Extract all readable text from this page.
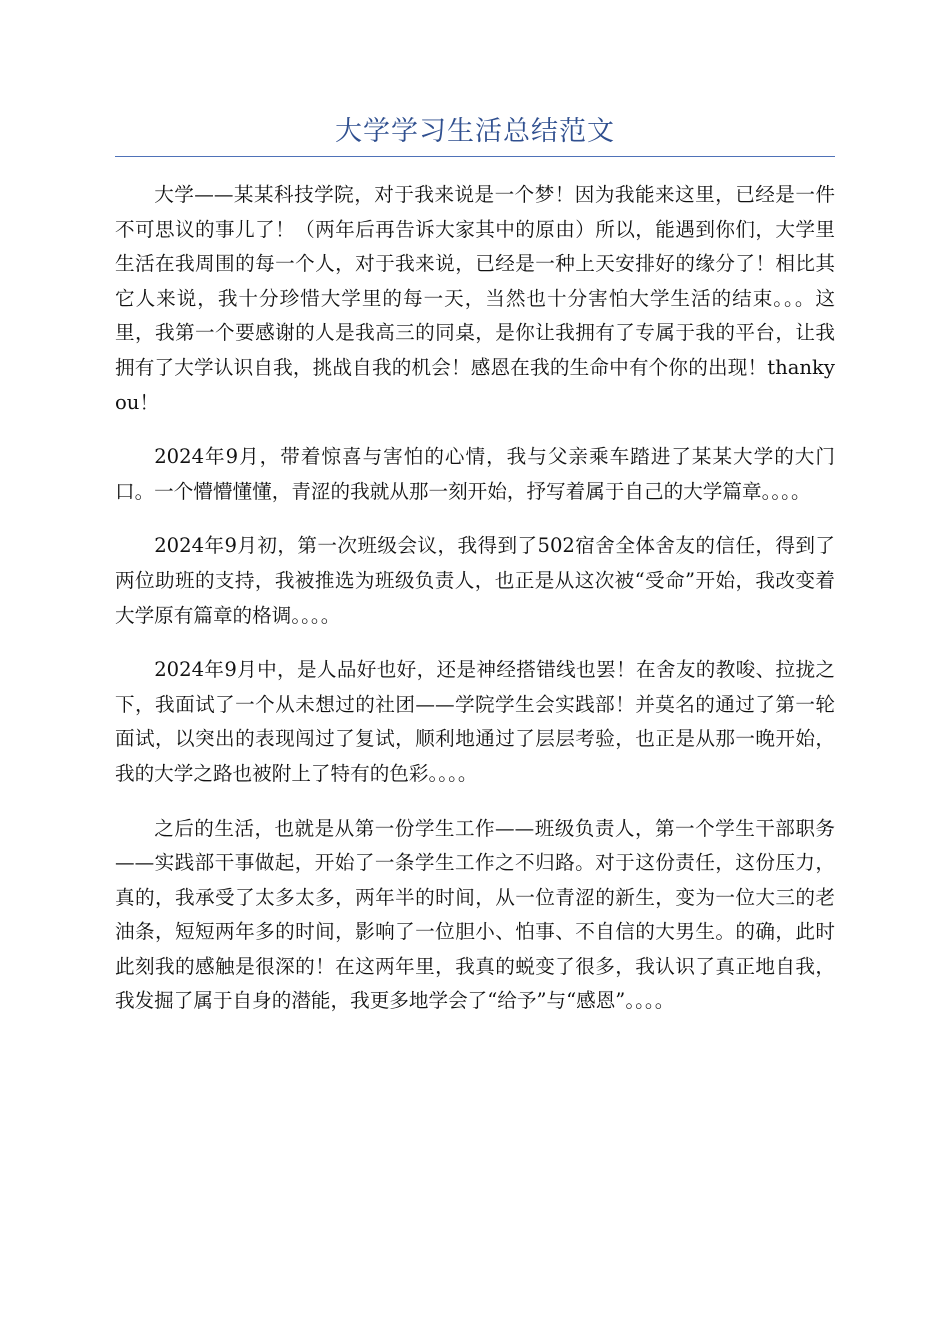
大学学习生活总结范文

大学——某某科技学院，对于我来说是一个梦！因为我能来这里，已经是一件不可思议的事儿了！（两年后再告诉大家其中的原由）所以，能遇到你们，大学里生活在我周围的每一个人，对于我来说，已经是一种上天安排好的缘分了！相比其它人来说，我十分珍惜大学里的每一天，当然也十分害怕大学生活的结束。。。这里，我第一个要感谢的人是我高三的同桌，是你让我拥有了专属于我的平台，让我拥有了大学认识自我，挑战自我的机会！感恩在我的生命中有个你的出现！thankyou！

2024年9月，带着惊喜与害怕的心情，我与父亲乘车踏进了某某大学的大门口。一个懵懵懂懂，青涩的我就从那一刻开始，抒写着属于自己的大学篇章。。。。

2024年9月初，第一次班级会议，我得到了502宿舍全体舍友的信任，得到了两位助班的支持，我被推选为班级负责人，也正是从这次被“受命”开始，我改变着大学原有篇章的格调。。。。

2024年9月中，是人品好也好，还是神经搭错线也罢！在舍友的教唆、拉拢之下，我面试了一个从未想过的社团——学院学生会实践部！并莫名的通过了第一轮面试，以突出的表现闯过了复试，顺利地通过了层层考验，也正是从那一晚开始，我的大学之路也被附上了特有的色彩。。。。

之后的生活，也就是从第一份学生工作——班级负责人，第一个学生干部职务——实践部干事做起，开始了一条学生工作之不归路。对于这份责任，这份压力，真的，我承受了太多太多，两年半的时间，从一位青涩的新生，变为一位大三的老油条，短短两年多的时间，影响了一位胆小、怕事、不自信的大男生。的确，此时此刻我的感触是很深的！在这两年里，我真的蜕变了很多，我认识了真正地自我，我发掘了属于自身的潜能，我更多地学会了“给予”与“感恩”。。。。
